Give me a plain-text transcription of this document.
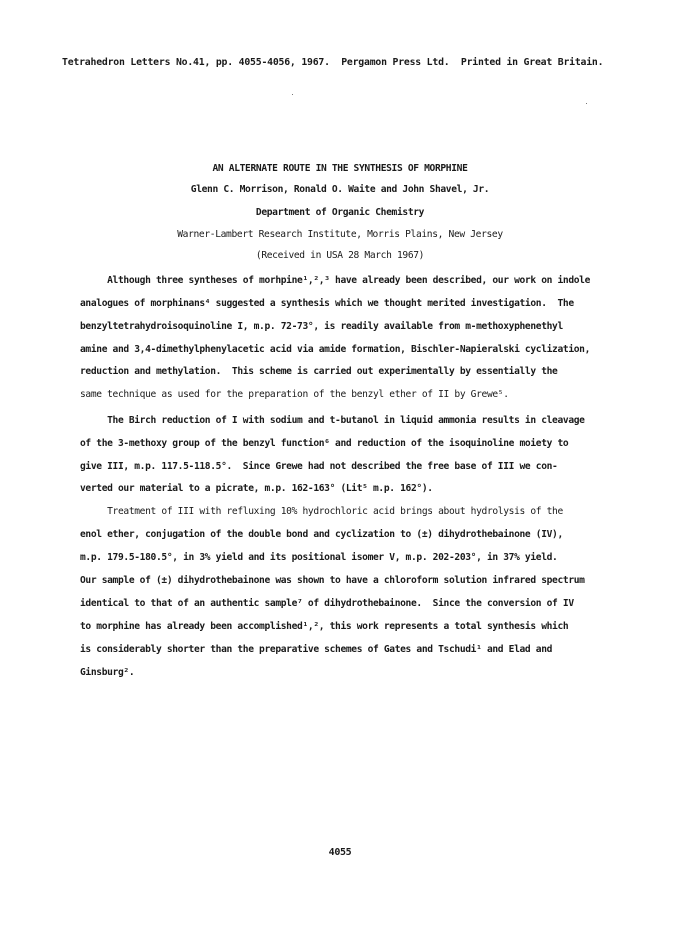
Tetrahedron Letters No.41, pp. 4055-4056, 1967.  Pergamon Press Ltd.  Printed in Great Britain.
AN ALTERNATE ROUTE IN THE SYNTHESIS OF MORPHINE
Glenn C. Morrison, Ronald O. Waite and John Shavel, Jr.
Department of Organic Chemistry
Warner-Lambert Research Institute, Morris Plains, New Jersey
(Received in USA 28 March 1967)
Although three syntheses of morhpine¹,²,³ have already been described, our work on indole
analogues of morphinans⁴ suggested a synthesis which we thought merited investigation.  The
benzyltetrahydroisoquinoline I, m.p. 72-73°, is readily available from m-methoxyphenethyl
amine and 3,4-dimethylphenylacetic acid via amide formation, Bischler-Napieralski cyclization,
reduction and methylation.  This scheme is carried out experimentally by essentially the
same technique as used for the preparation of the benzyl ether of II by Grewe⁵.
The Birch reduction of I with sodium and t-butanol in liquid ammonia results in cleavage
of the 3-methoxy group of the benzyl function⁶ and reduction of the isoquinoline moiety to
give III, m.p. 117.5-118.5°.  Since Grewe had not described the free base of III we con-
verted our material to a picrate, m.p. 162-163° (Lit⁵ m.p. 162°).
Treatment of III with refluxing 10% hydrochloric acid brings about hydrolysis of the
enol ether, conjugation of the double bond and cyclization to (±) dihydrothebainone (IV),
m.p. 179.5-180.5°, in 3% yield and its positional isomer V, m.p. 202-203°, in 37% yield.
Our sample of (±) dihydrothebainone was shown to have a chloroform solution infrared spectrum
identical to that of an authentic sample⁷ of dihydrothebainone.  Since the conversion of IV
to morphine has already been accomplished¹,², this work represents a total synthesis which
is considerably shorter than the preparative schemes of Gates and Tschudi¹ and Elad and
Ginsburg².
4055
